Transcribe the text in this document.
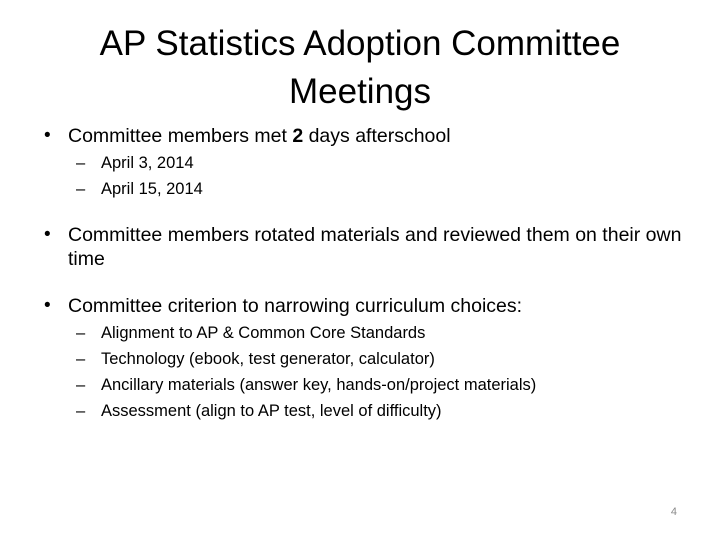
AP Statistics Adoption Committee Meetings

• Committee members met 2 days afterschool

– April 3, 2014

– April 15, 2014

• Committee members rotated materials and reviewed them on their own time

• Committee criterion to narrowing curriculum choices:

– Alignment to AP & Common Core Standards

– Technology (ebook, test generator, calculator)

– Ancillary materials (answer key, hands-on/project materials)

– Assessment (align to AP test, level of difficulty)

4
